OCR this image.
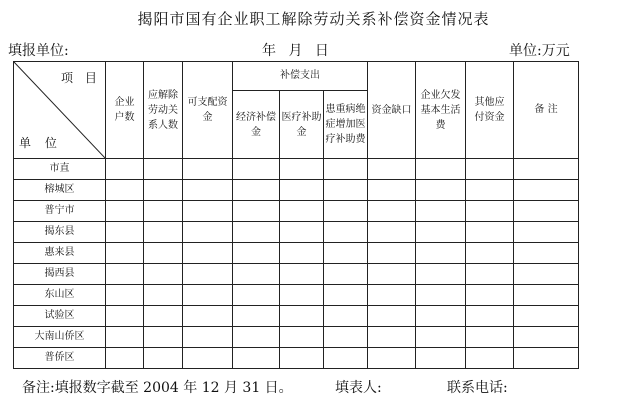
揭阳市国有企业职工解除劳动关系补偿资金情况表
填报单位:	年 月 日	单位:万元
项 目
单 位	企业户数	应解除劳动关系人数	可支配资金	补偿支出			资金缺口	企业欠发基本生活费	其他应付资金	备 注
				经济补偿金	医疗补助金	患重病绝症增加医疗补助费				
市直										
榕城区										
普宁市										
揭东县										
惠来县										
揭西县										
东山区										
试验区										
大南山侨区										
普侨区										
备注:填报数字截至 2004 年 12 月 31 日。	填表人:	联系电话:
